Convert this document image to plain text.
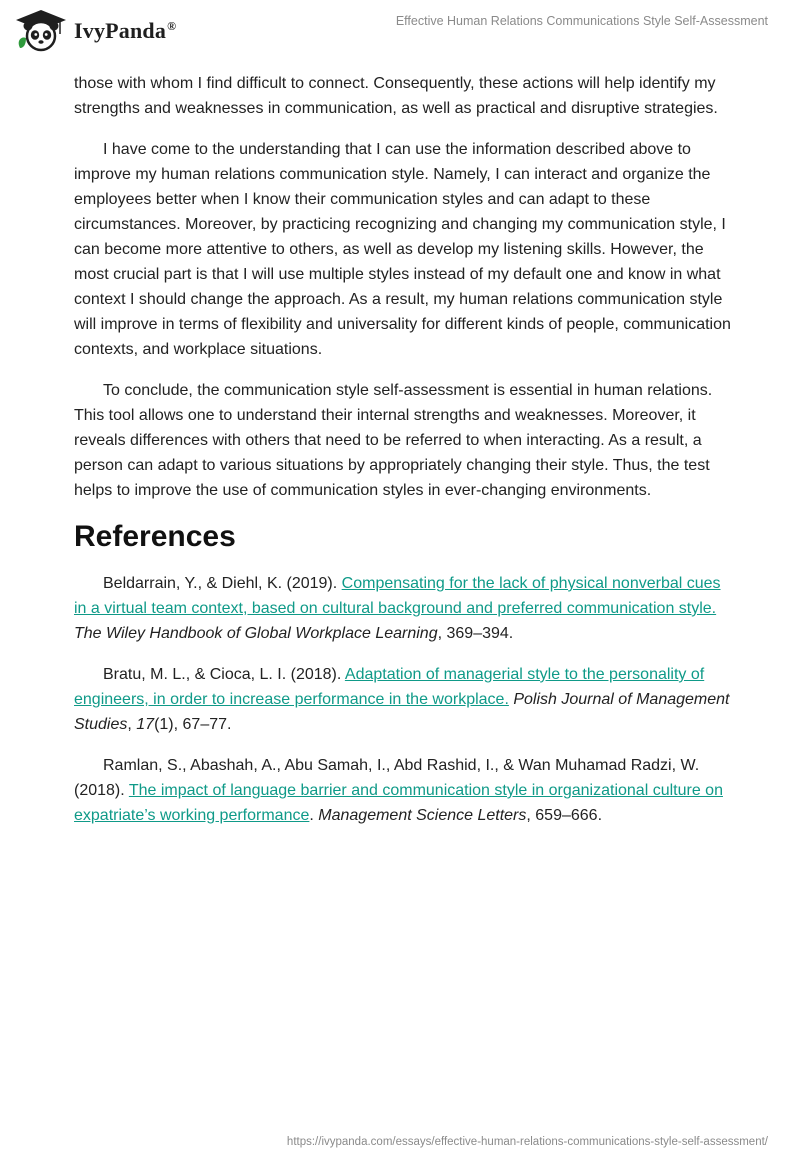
IvyPanda®	Effective Human Relations Communications Style Self-Assessment

those with whom I find difficult to connect. Consequently, these actions will help identify my strengths and weaknesses in communication, as well as practical and disruptive strategies.

I have come to the understanding that I can use the information described above to improve my human relations communication style. Namely, I can interact and organize the employees better when I know their communication styles and can adapt to these circumstances. Moreover, by practicing recognizing and changing my communication style, I can become more attentive to others, as well as develop my listening skills. However, the most crucial part is that I will use multiple styles instead of my default one and know in what context I should change the approach. As a result, my human relations communication style will improve in terms of flexibility and universality for different kinds of people, communication contexts, and workplace situations.

To conclude, the communication style self-assessment is essential in human relations. This tool allows one to understand their internal strengths and weaknesses. Moreover, it reveals differences with others that need to be referred to when interacting. As a result, a person can adapt to various situations by appropriately changing their style. Thus, the test helps to improve the use of communication styles in ever-changing environments.

References

Beldarrain, Y., & Diehl, K. (2019). Compensating for the lack of physical nonverbal cues in a virtual team context, based on cultural background and preferred communication style. The Wiley Handbook of Global Workplace Learning, 369–394.

Bratu, M. L., & Cioca, L. I. (2018). Adaptation of managerial style to the personality of engineers, in order to increase performance in the workplace. Polish Journal of Management Studies, 17(1), 67–77.

Ramlan, S., Abashah, A., Abu Samah, I., Abd Rashid, I., & Wan Muhamad Radzi, W. (2018). The impact of language barrier and communication style in organizational culture on expatriate’s working performance. Management Science Letters, 659–666.

https://ivypanda.com/essays/effective-human-relations-communications-style-self-assessment/
